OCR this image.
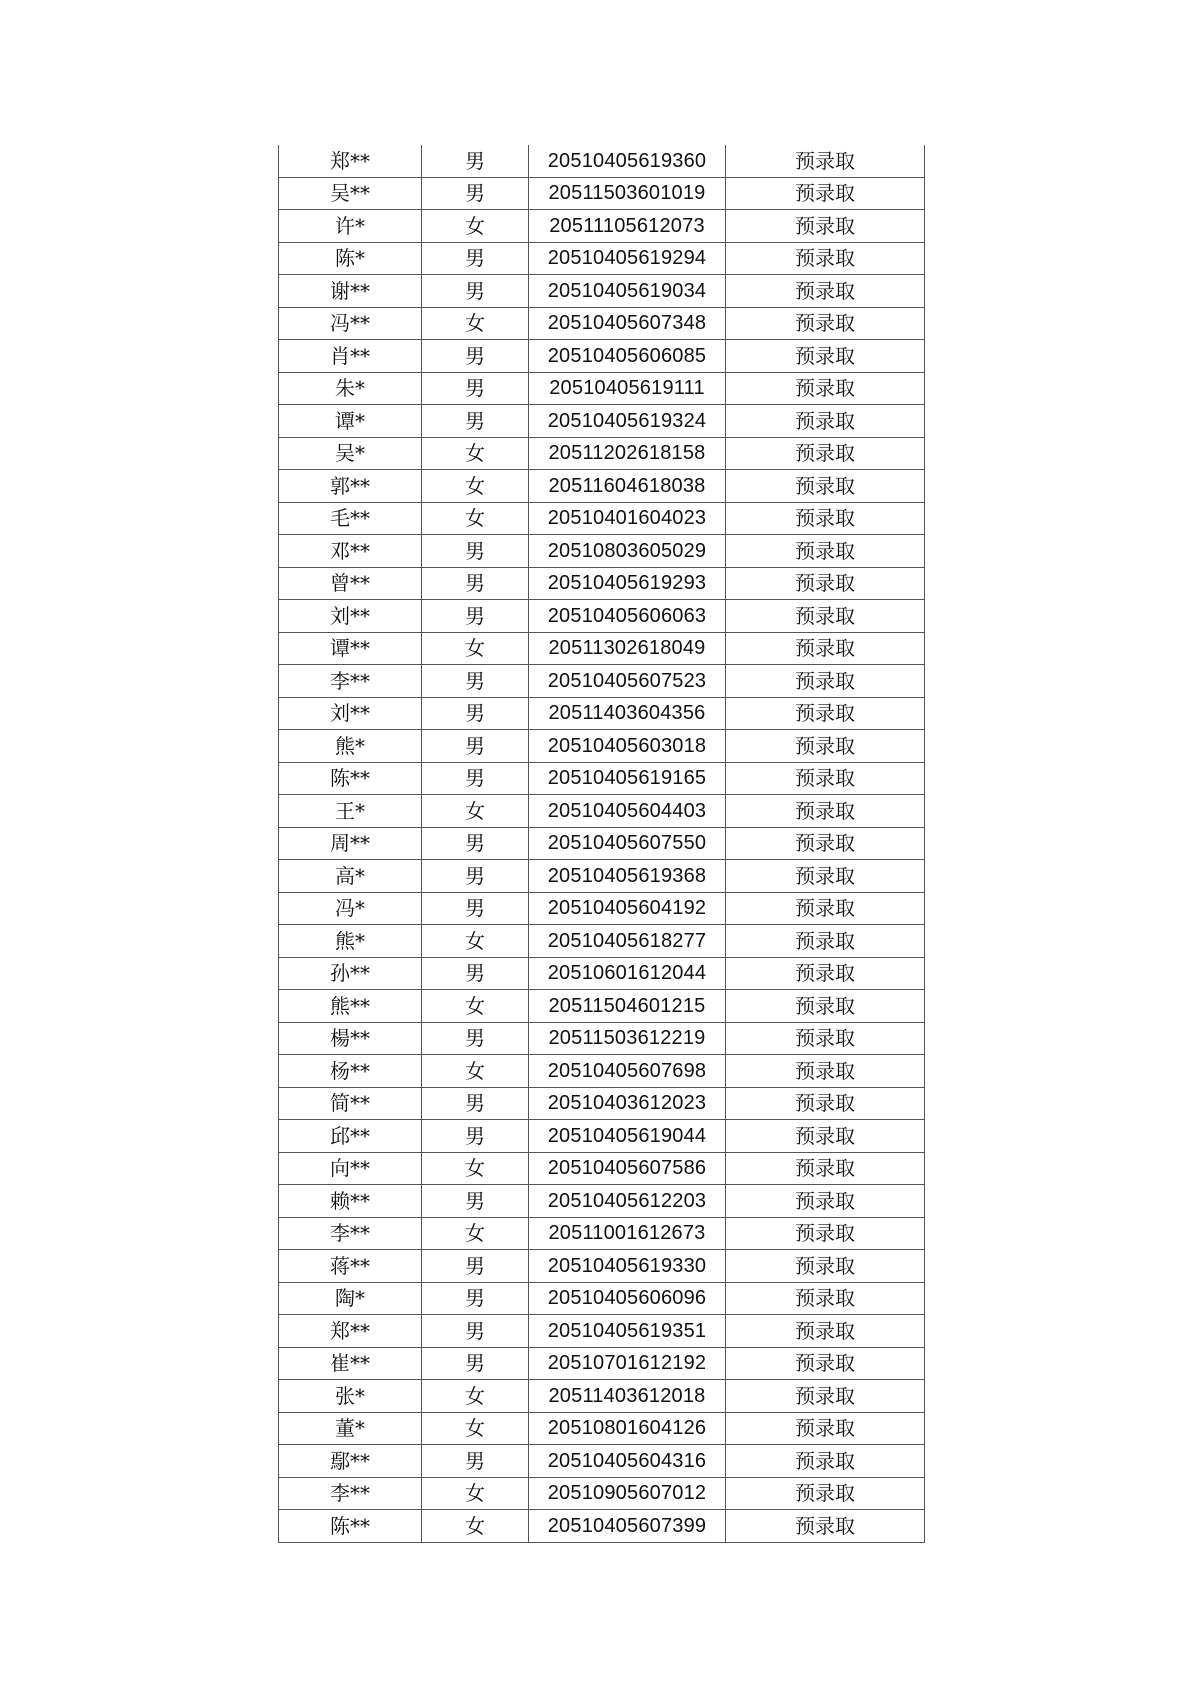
郑**	男	20510405619360	预录取
吴**	男	20511503601019	预录取
许*	女	20511105612073	预录取
陈*	男	20510405619294	预录取
谢**	男	20510405619034	预录取
冯**	女	20510405607348	预录取
肖**	男	20510405606085	预录取
朱*	男	20510405619111	预录取
谭*	男	20510405619324	预录取
吴*	女	20511202618158	预录取
郭**	女	20511604618038	预录取
毛**	女	20510401604023	预录取
邓**	男	20510803605029	预录取
曾**	男	20510405619293	预录取
刘**	男	20510405606063	预录取
谭**	女	20511302618049	预录取
李**	男	20510405607523	预录取
刘**	男	20511403604356	预录取
熊*	男	20510405603018	预录取
陈**	男	20510405619165	预录取
王*	女	20510405604403	预录取
周**	男	20510405607550	预录取
高*	男	20510405619368	预录取
冯*	男	20510405604192	预录取
熊*	女	20510405618277	预录取
孙**	男	20510601612044	预录取
熊**	女	20511504601215	预录取
楊**	男	20511503612219	预录取
杨**	女	20510405607698	预录取
简**	男	20510403612023	预录取
邱**	男	20510405619044	预录取
向**	女	20510405607586	预录取
赖**	男	20510405612203	预录取
李**	女	20511001612673	预录取
蒋**	男	20510405619330	预录取
陶*	男	20510405606096	预录取
郑**	男	20510405619351	预录取
崔**	男	20510701612192	预录取
张*	女	20511403612018	预录取
董*	女	20510801604126	预录取
鄢**	男	20510405604316	预录取
李**	女	20510905607012	预录取
陈**	女	20510405607399	预录取
